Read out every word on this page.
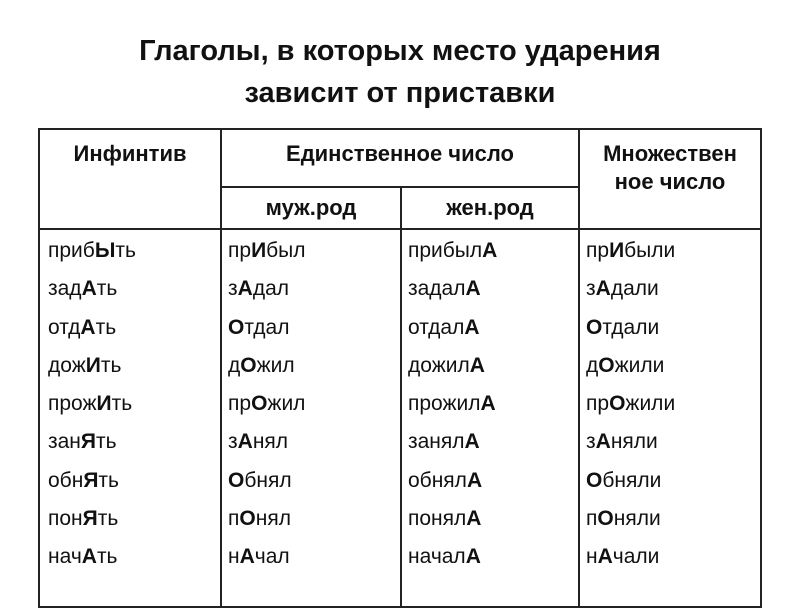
Глаголы, в которых место ударения
зависит от приставки
Инфинтив	Единственное число
муж.род	жен.род
Множествен
ное число
прибЫть
задАть
отдАть
дожИть
прожИть
занЯть
обнЯть
понЯть
начАть
прИбыл
зАдал
Отдал
дОжил
прОжил
зАнял
Обнял
пОнял
нАчал
прибылА
задалА
отдалА
дожилА
прожилА
занялА
обнялА
понялА
началА
прИбыли
зАдали
Отдали
дОжили
прОжили
зАняли
Обняли
пОняли
нАчали
